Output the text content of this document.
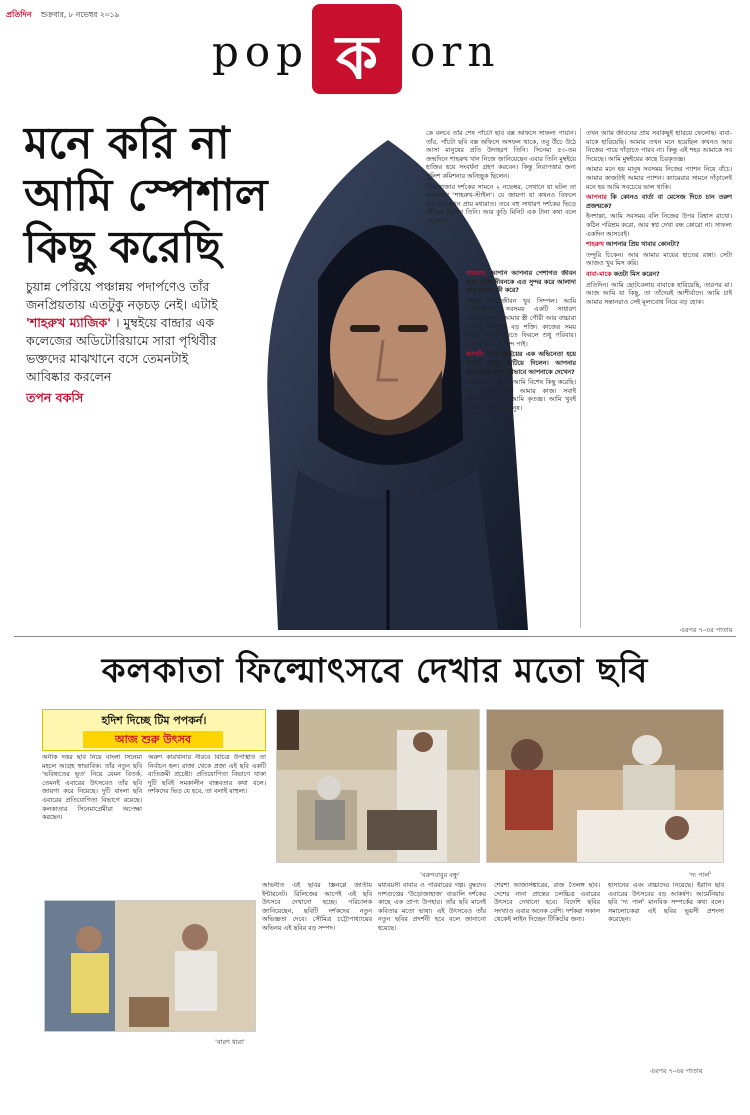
প্রতিদিন শুক্রবার, ৮ নভেম্বর ২০১৯
pop ক orn
মনে করি না
আমি স্পেশাল
কিছু করেছি
চুয়ান্ন পেরিয়ে পঞ্চান্নয় পদার্পণেও তাঁর জনপ্রিয়তায় এতটুকু নড়চড় নেই। এটাই 'শাহরুখ ম্যাজিক' । মুম্বইয়ে বান্দ্রার এক কলেজের অডিটোরিয়ামে সারা পৃথিবীর ভক্তদের মাঝখানে বসে তেমনটাই আবিষ্কার করলেন
তপন বকসি

কে বলবে তাঁর শেষ পাঁচটা ছবি বক্স অফিসে সাফল্য পায়নি। তাঁর, পাঁচটা ছবি বক্স অফিসে অসফল থাকে, তবু উঁচে উঠে আসা মানুষের প্রতি উদাহরণ তিনি। সিনেমা ৫৩-তম জন্মদিনে শাহরুখ খান নিজে জানিয়েছেন এবার তিনি মুম্বইয়ে হাজির হয়ে সংবর্ধনা গ্রহণ করবেন। কিন্তু নিরাপত্তার জন্য পুলিশ কমিশনার অনিচ্ছুক ছিলেন।

তিন হাজার দর্শকের সামনে ২ নভেম্বর, সেখানে যা ঘটল তা একেবারে 'শাহরুখ-স্টাইল'। যে জায়গা যা কখনও বিফলে যায় না। এখন প্রায় মধ্যরাত। তবে বহু সাধারণ দর্শকের ভিড়ে দাঁড়িয়ে ছিলেন তিনি। আর কুড়ি মিনিট এক টানা কথা বলে গেলেন।

শাহরুখ: আপনি আপনার পেশাগত জীবন আর ব্যক্তিজীবনকে এত সুন্দর করে আলাদা করে রাখেন কী করে?

আমার ব্যক্তিজীবন খুব সিম্পল। আমি ব্যক্তিজীবনে সবসময় একটি সাধারণ ফ্যামিলি ম্যান। আমার স্ত্রী গৌরী আর বাচ্চারা আমার সবচেয়ে বড় শক্তি। কাজের সময় কাজ, আর বাড়িতে ফিরলে শুধু পরিবার। এতেই আমি আনন্দ পাই।

আপনি এখন মুম্বইয়ের এক অভিনেতা হয়ে অনেক বছর কাটিয়ে দিলেন। আপনার চারপাশের মানুষ কীভাবে আপনাকে দেখেন?

আমি মনে করি না আমি বিশেষ কিছু করেছি। যা করেছি সেটা আমার কাজ। সবাই ভালবাসেন বলে আমি কৃতজ্ঞ। আমি খুবই সাধারণ একজন মানুষ।

তখন আমি জীবনের প্রায় সবকিছুই হারিয়ে ফেলেছি। বাবা-মাকে হারিয়েছি। আমার তখন মনে হয়েছিল কখনও আর নিজের পায়ে দাঁড়াতে পারব না। কিন্তু এই শহর আমাকে সব দিয়েছে। আমি মুম্বইয়ের কাছে চিরকৃতজ্ঞ।

আমার মনে হয় মানুষ সবসময় নিজের প্যাশন নিয়ে বাঁচে। আমার কাজটাই আমার প্যাশন। ক্যামেরার সামনে দাঁড়ালেই মনে হয় আমি সবচেয়ে ভাল থাকি।

আপনার কি কোনও বার্তা বা মেসেজ দিতে চান তরুণ প্রজন্মকে?

ইনশাল্লা, আমি সবসময় বলি নিজের উপর বিশ্বাস রাখো। কঠিন পরিশ্রম করো, আর স্বপ্ন দেখা বন্ধ কোরো না। সাফল্য একদিন আসবেই।

শাহরুখ আপনার প্রিয় খাবার কোনটা?

তন্দুরি চিকেন। আর আমার মায়ের হাতের রান্না। সেটা আজও খুব মিস করি।

বাবা-মাকে কতটা মিস করেন?

প্রতিদিন। আমি ছোটবেলায় বাবাকে হারিয়েছি, তারপর মা। আজ আমি যা কিছু, তা তাঁদেরই আশীর্বাদে। আমি চাই আমার সন্তানরাও সেই মূল্যবোধ নিয়ে বড় হোক।

এরপর ৭-এর পাতায়
কলকাতা ফিল্মোৎসবে দেখার মতো ছবি
হদিশ দিচ্ছে টিম পপকর্ন।
আজ শুরু উৎসব

অনীক দত্তর ছবি নিয়ে বাংলা সিনেমা মহলে আগ্রহ স্বাভাবিক। তাঁর নতুন ছবি 'ভবিষ্যতের ভূত' নিয়ে যেমন বিতর্ক, তেমনই এবারের উৎসবেও তাঁর ছবি জায়গা করে নিয়েছে। দুটি বাংলা ছবি এবারের প্রতিযোগিতা বিভাগে রয়েছে। কলকাতার সিনেমাপ্রেমীরা অপেক্ষা করছেন।

অরুণ কারখানার নীরবে বিচিত্র উপস্থিতি তা নির্বাচন হল। রাজা থেকে প্রজা এই ছবি একটি ব্যতিক্রমী প্রচেষ্টা। প্রতিযোগিতা বিভাগে থাকা দুটি ছবিই সমকালীন বাস্তবতার কথা বলে। দর্শকদের ভিড় যে হবে, তা বলাই বাহুল্য।

'বরুণবাবুর বন্ধু'	'দ্য পার্ল'
'বারণ ধারা'

অভিনীত এই ছবির স্ক্রিনপ্লে জাতীয় ইন্টারনেট। রিলিজের আগেই এই ছবি উৎসবে দেখানো হচ্ছে। পরিচালক জানিয়েছেন, ছবিটি দর্শকদের নতুন অভিজ্ঞতা দেবে। সৌমিত্র চট্টোপাধ্যায়ের অভিনয় এই ছবির বড় সম্পদ।

মধ্যবয়সী বাবার ও পরিবারের গল্প। বুদ্ধদেব দাশগুপ্তের 'উড়োজাহাজ' বাঙালি দর্শকের কাছে এক প্রাপ্য উপহার। তাঁর ছবি মানেই কবিতার মতো ভাষা। এই উৎসবেও তাঁর নতুন ছবির প্রদর্শনী হবে বলে জানানো হয়েছে।

শেরশা আজার্সঙ্কারের, রাজ তৈলঙ্গ ছবি। দেশের নানা প্রান্তের চলচ্চিত্র এবারের উৎসবে দেখানো হবে। বিদেশি ছবির সংখ্যাও এবার অনেক বেশি। দর্শকরা সকাল থেকেই লাইন দিচ্ছেন টিকিটের জন্য।

হাসানের এবং বাচ্চাদের নিয়েছে। ইরানি ছবি এবারের উৎসবের বড় আকর্ষণ। আর্মেনিয়ার ছবি 'দ্য পার্ল' মানবিক সম্পর্কের কথা বলে। সমালোচকরা এই ছবির ভূয়সী প্রশংসা করেছেন।

এরপর ৭-এর পাতায়
